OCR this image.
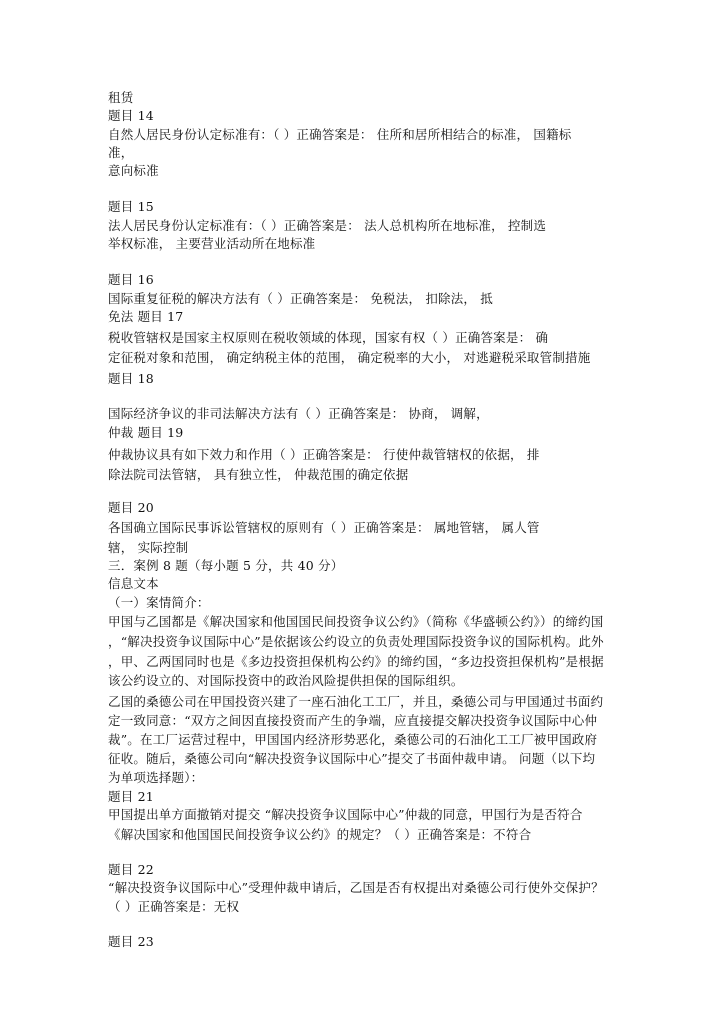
租赁
题目 14
自然人居民身份认定标准有：（ ）正确答案是： 住所和居所相结合的标准， 国籍标
准，
意向标准
题目 15
法人居民身份认定标准有：（ ）正确答案是： 法人总机构所在地标准， 控制选
举权标准， 主要营业活动所在地标准
题目 16
国际重复征税的解决方法有（ ）正确答案是： 免税法， 扣除法， 抵
免法 题目 17
税收管辖权是国家主权原则在税收领域的体现，国家有权（ ）正确答案是： 确
定征税对象和范围， 确定纳税主体的范围， 确定税率的大小， 对逃避税采取管制措施
题目 18
国际经济争议的非司法解决方法有（ ）正确答案是： 协商， 调解，
仲裁 题目 19
仲裁协议具有如下效力和作用（ ）正确答案是： 行使仲裁管辖权的依据， 排
除法院司法管辖， 具有独立性， 仲裁范围的确定依据
题目 20
各国确立国际民事诉讼管辖权的原则有（ ）正确答案是： 属地管辖， 属人管
辖， 实际控制
三．案例 8 题（每小题 5 分，共 40 分）
信息文本
（一）案情简介：
甲国与乙国都是《解决国家和他国国民间投资争议公约》（简称《华盛顿公约》）的缔约国
，“解决投资争议国际中心”是依据该公约设立的负责处理国际投资争议的国际机构。此外
，甲、乙两国同时也是《多边投资担保机构公约》的缔约国，“多边投资担保机构”是根据
该公约设立的、对国际投资中的政治风险提供担保的国际组织。
乙国的桑德公司在甲国投资兴建了一座石油化工工厂，并且，桑德公司与甲国通过书面约
定一致同意：“双方之间因直接投资而产生的争端，应直接提交解决投资争议国际中心仲
裁”。在工厂运营过程中，甲国国内经济形势恶化，桑德公司的石油化工工厂被甲国政府
征收。随后，桑德公司向“解决投资争议国际中心”提交了书面仲裁申请。 问题（以下均
为单项选择题）：
题目 21
甲国提出单方面撤销对提交 “解决投资争议国际中心”仲裁的同意，甲国行为是否符合
《解决国家和他国国民间投资争议公约》的规定？（ ）正确答案是：不符合
题目 22
“解决投资争议国际中心”受理仲裁申请后，乙国是否有权提出对桑德公司行使外交保护？
（ ）正确答案是：无权
题目 23
